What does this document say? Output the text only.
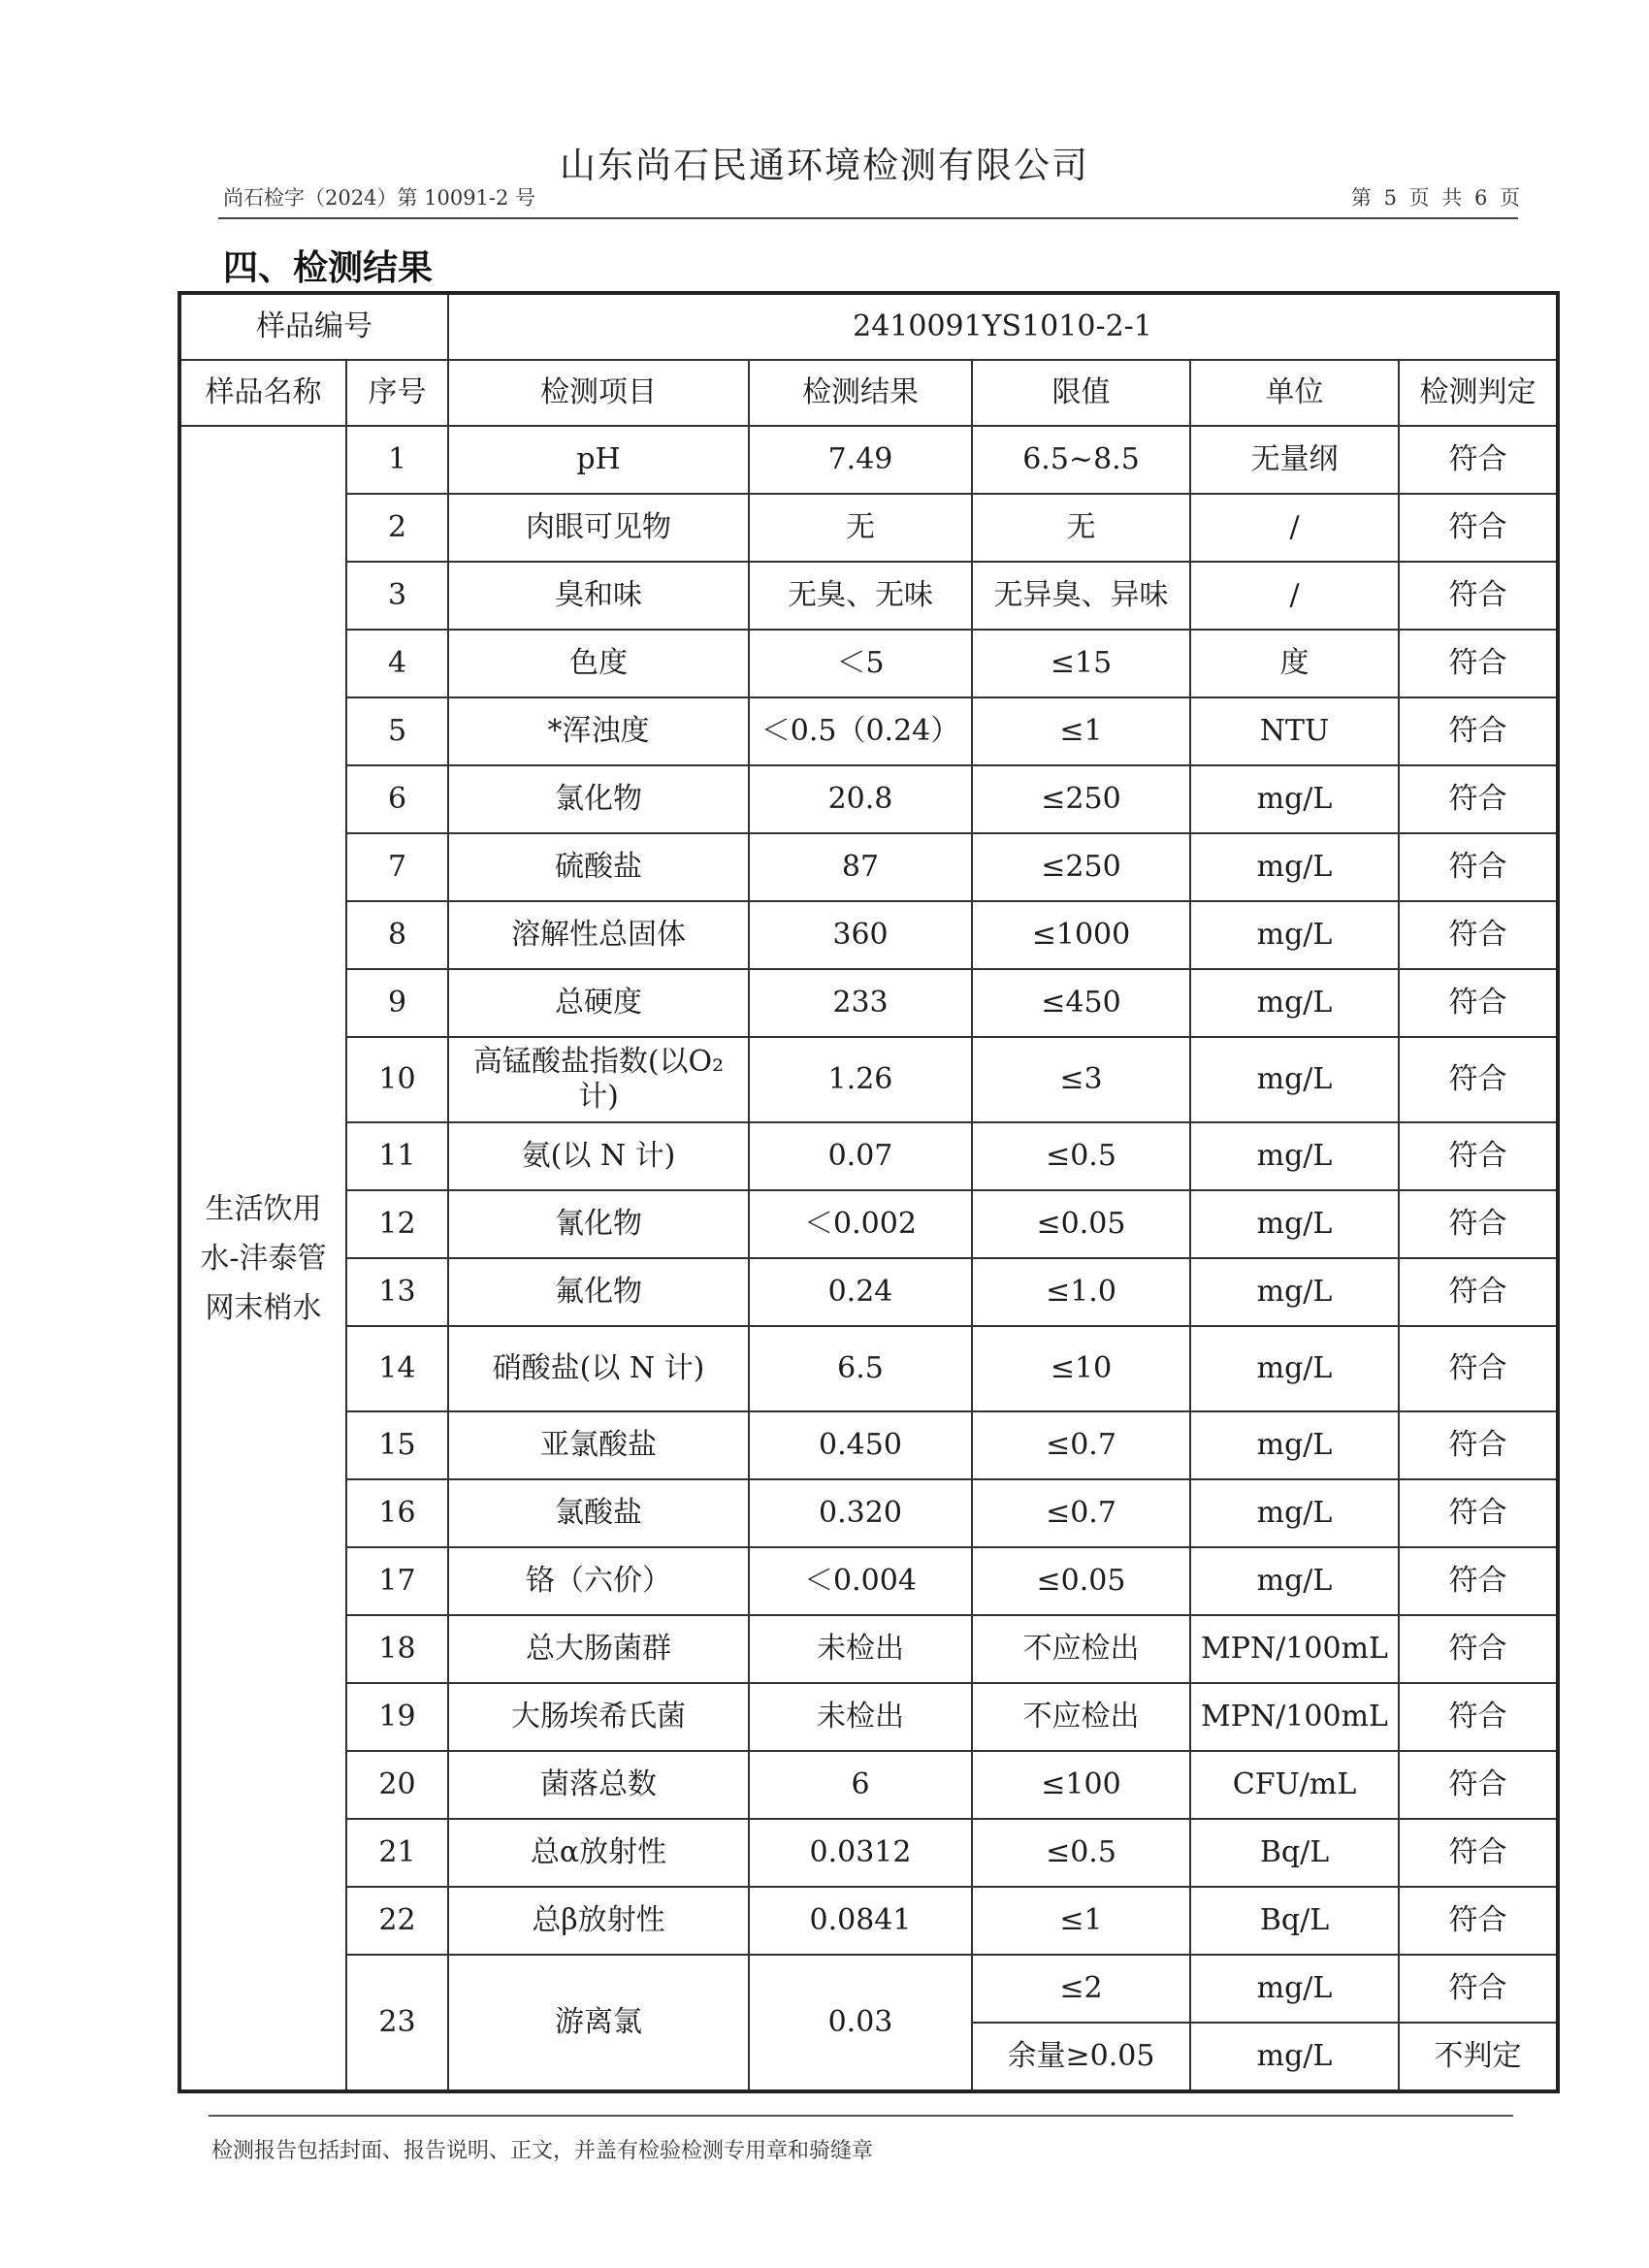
山东尚石民通环境检测有限公司
尚石检字（2024）第 10091-2 号	第 5 页 共 6 页
四、检测结果
样品编号		2410091YS1010-2-1				
样品名称	序号	检测项目	检测结果	限值	单位	检测判定
生活饮用水-沣泰管网末梢水	1	pH	7.49	6.5~8.5	无量纲	符合
	2	肉眼可见物	无	无	/	符合
	3	臭和味	无臭、无味	无异臭、异味	/	符合
	4	色度	＜5	≤15	度	符合
	5	*浑浊度	＜0.5（0.24）	≤1	NTU	符合
	6	氯化物	20.8	≤250	mg/L	符合
	7	硫酸盐	87	≤250	mg/L	符合
	8	溶解性总固体	360	≤1000	mg/L	符合
	9	总硬度	233	≤450	mg/L	符合
	10	高锰酸盐指数(以O₂计)	1.26	≤3	mg/L	符合
	11	氨(以 N 计)	0.07	≤0.5	mg/L	符合
	12	氰化物	＜0.002	≤0.05	mg/L	符合
	13	氟化物	0.24	≤1.0	mg/L	符合
	14	硝酸盐(以 N 计)	6.5	≤10	mg/L	符合
	15	亚氯酸盐	0.450	≤0.7	mg/L	符合
	16	氯酸盐	0.320	≤0.7	mg/L	符合
	17	铬（六价）	＜0.004	≤0.05	mg/L	符合
	18	总大肠菌群	未检出	不应检出	MPN/100mL	符合
	19	大肠埃希氏菌	未检出	不应检出	MPN/100mL	符合
	20	菌落总数	6	≤100	CFU/mL	符合
	21	总α放射性	0.0312	≤0.5	Bq/L	符合
	22	总β放射性	0.0841	≤1	Bq/L	符合
	23	游离氯	0.03	≤2	mg/L	符合
				余量≥0.05	mg/L	不判定
检测报告包括封面、报告说明、正文，并盖有检验检测专用章和骑缝章
